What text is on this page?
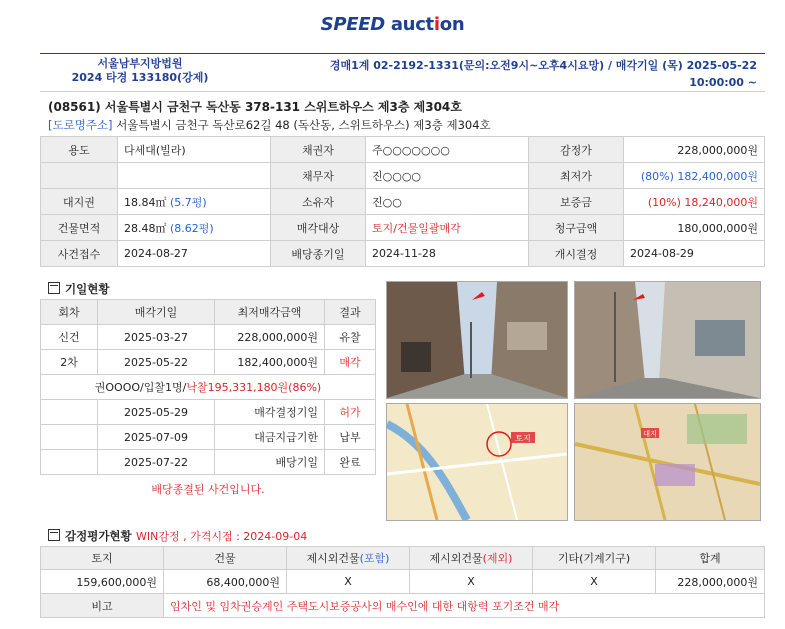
SPEED auction
서울남부지방법원
2024 타경 133180(강제)
경매1계 02-2192-1331(문의:오전9시~오후4시요망) / 매각기일 (목) 2025-05-22
10:00:00 ~
(08561) 서울특별시 금천구 독산동 378-131 스위트하우스 제3층 제304호
[도로명주소] 서울특별시 금천구 독산로62길 48 (독산동, 스위트하우스) 제3층 제304호
용도	다세대(빌라)	채권자	주○○○○○○○	감정가	228,000,000원
		채무자	진○○○○	최저가	(80%) 182,400,000원
대지권	18.84㎡ (5.7평)	소유자	진○○	보증금	(10%) 18,240,000원
건물면적	28.48㎡ (8.62평)	매각대상	토지/건물일괄매각	청구금액	180,000,000원
사건접수	2024-08-27	배당종기일	2024-11-28	개시결정	2024-08-29
기일현황
회차	매각기일	최저매각금액	결과
신건	2025-03-27	228,000,000원	유찰
2차	2025-05-22	182,400,000원	매각
권OOOO/입찰1명/낙찰195,331,180원(86%)			
	2025-05-29	매각결정기일	허가
	2025-07-09	대금지급기한	납부
	2025-07-22	배당기일	완료
배당종결된 사건입니다.
토지	대지
감정평가현황 WIN감정 , 가격시점 : 2024-09-04
토지	건물	제시외건물(포함)	제시외건물(제외)	기타(기계기구)	합계
159,600,000원	68,400,000원	X	X	X	228,000,000원
비고	임차인 및 임차권승계인 주택도시보증공사의 매수인에 대한 대항력 포기조건 매각				
